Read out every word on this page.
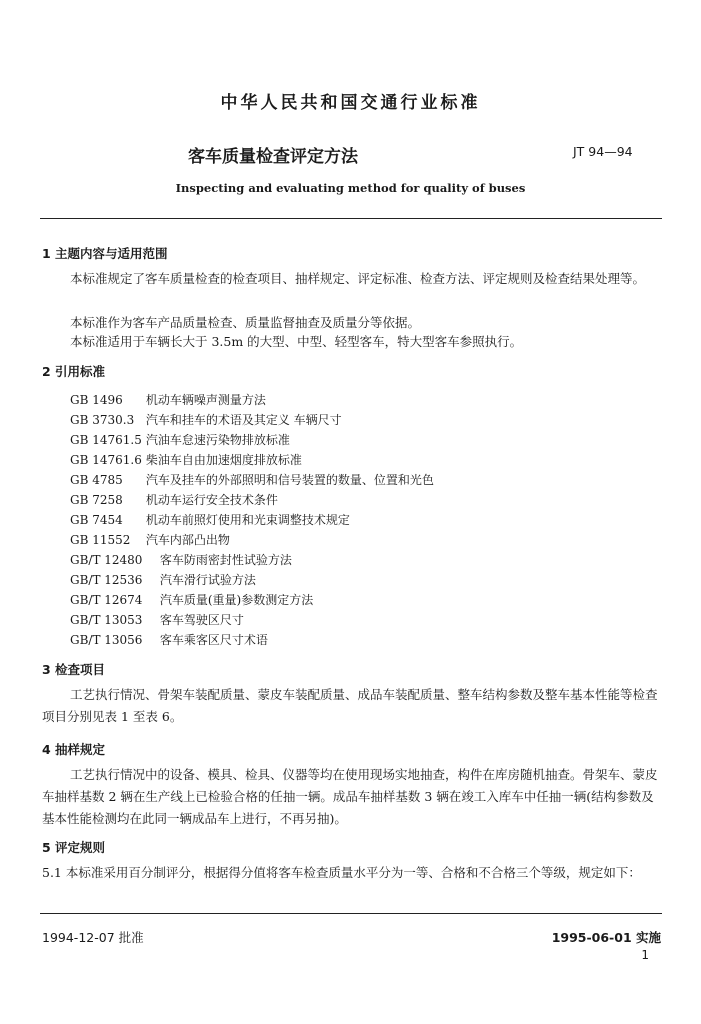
中华人民共和国交通行业标准
客车质量检查评定方法	JT 94—94
Inspecting and evaluating method for quality of buses
1 主题内容与适用范围
本标准规定了客车质量检查的检查项目、抽样规定、评定标准、检查方法、评定规则及检查结果处理等。
本标准作为客车产品质量检查、质量监督抽查及质量分等依据。
本标准适用于车辆长大于 3.5m 的大型、中型、轻型客车，特大型客车参照执行。
2 引用标准
GB 1496 机动车辆噪声测量方法
GB 3730.3 汽车和挂车的术语及其定义 车辆尺寸
GB 14761.5 汽油车怠速污染物排放标准
GB 14761.6 柴油车自由加速烟度排放标准
GB 4785 汽车及挂车的外部照明和信号装置的数量、位置和光色
GB 7258 机动车运行安全技术条件
GB 7454 机动车前照灯使用和光束调整技术规定
GB 11552 汽车内部凸出物
GB/T 12480 客车防雨密封性试验方法
GB/T 12536 汽车滑行试验方法
GB/T 12674 汽车质量(重量)参数测定方法
GB/T 13053 客车驾驶区尺寸
GB/T 13056 客车乘客区尺寸术语
3 检查项目
工艺执行情况、骨架车装配质量、蒙皮车装配质量、成品车装配质量、整车结构参数及整车基本性能等检查项目分别见表 1 至表 6。
4 抽样规定
工艺执行情况中的设备、模具、检具、仪器等均在使用现场实地抽查，构件在库房随机抽查。骨架车、蒙皮车抽样基数 2 辆在生产线上已检验合格的任抽一辆。成品车抽样基数 3 辆在竣工入库车中任抽一辆(结构参数及基本性能检测均在此同一辆成品车上进行，不再另抽)。
5 评定规则
5.1 本标准采用百分制评分，根据得分值将客车检查质量水平分为一等、合格和不合格三个等级，规定如下：
1994-12-07 批准	1995-06-01 实施
1
